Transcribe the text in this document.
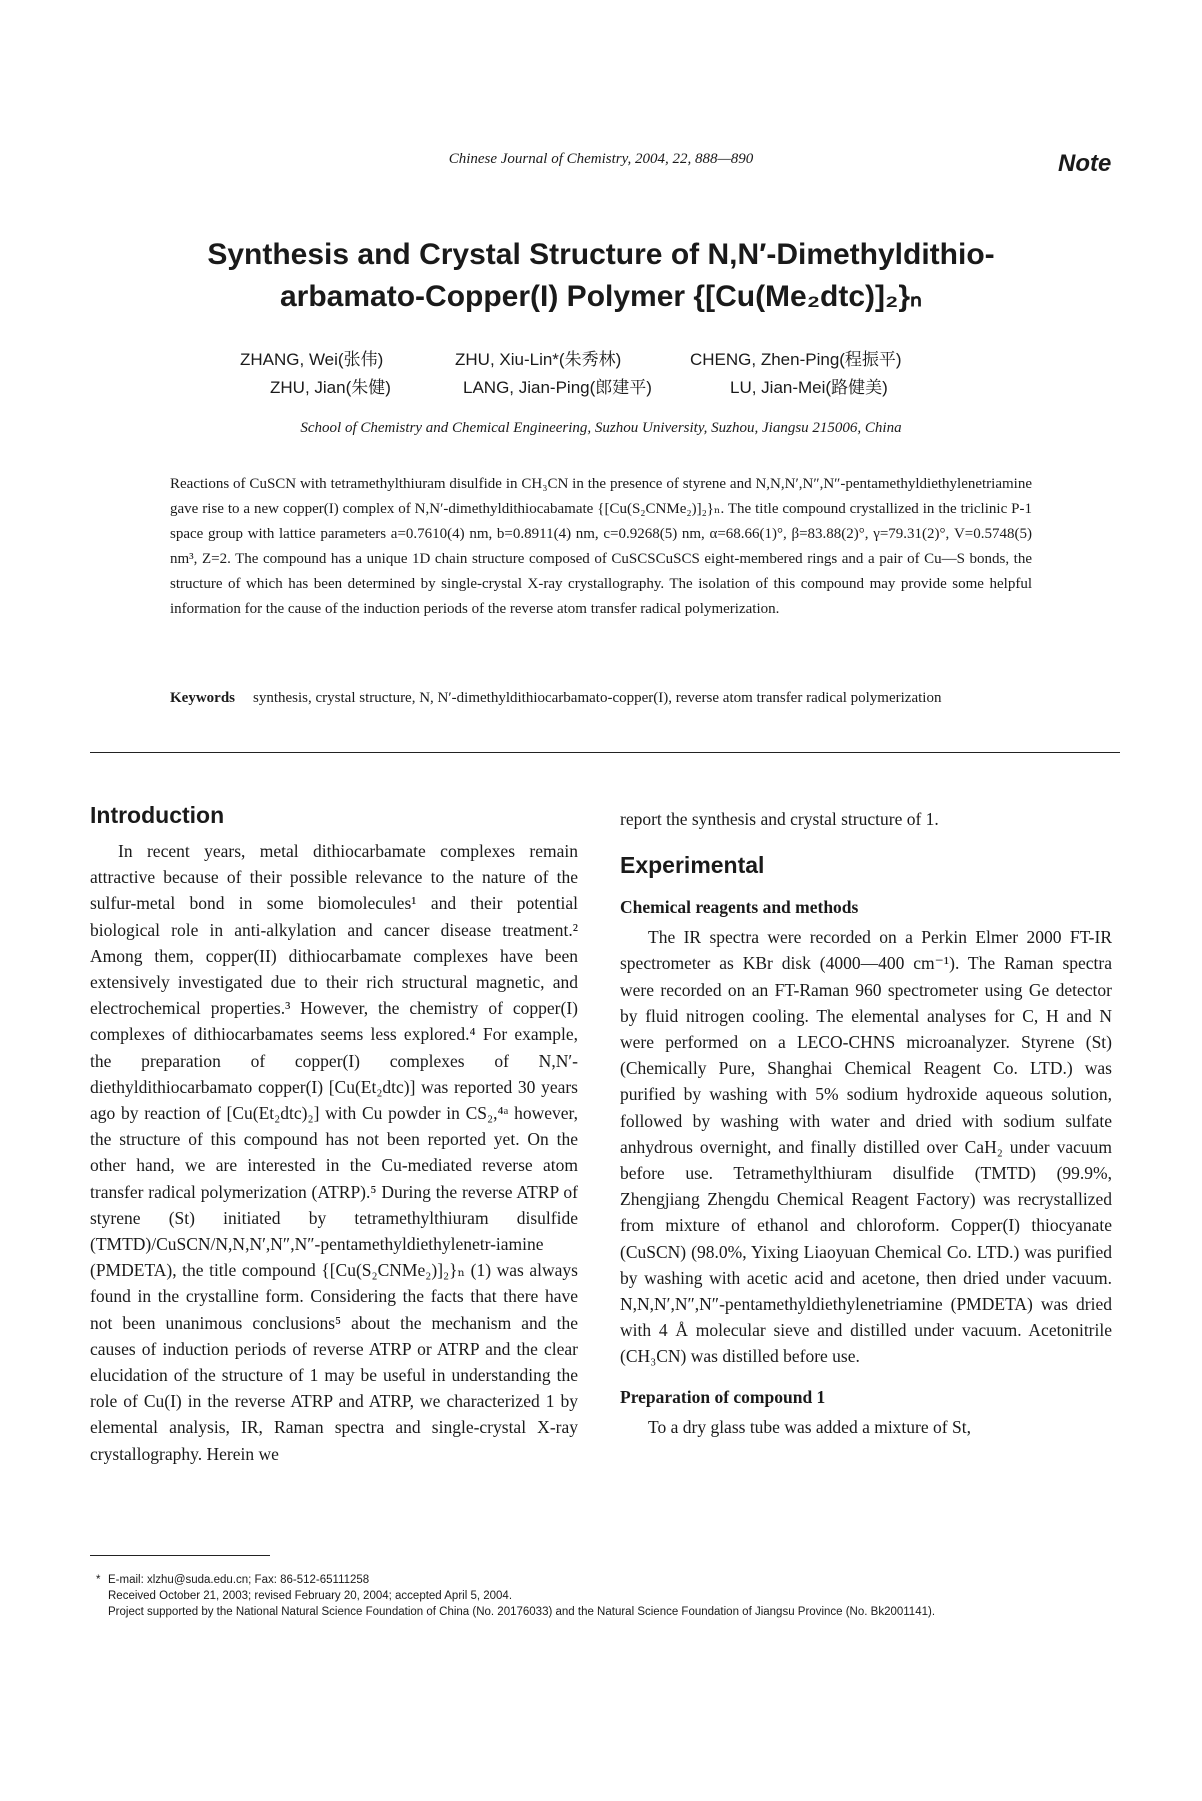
Chinese Journal of Chemistry, 2004, 22, 888—890	Note
Synthesis and Crystal Structure of N,N′-Dimethyldithio-
arbamato-Copper(I) Polymer {[Cu(Me₂dtc)]₂}ₙ
ZHANG, Wei(张伟)	ZHU, Xiu-Lin*(朱秀林)	CHENG, Zhen-Ping(程振平)
ZHU, Jian(朱健)	LANG, Jian-Ping(郎建平)	LU, Jian-Mei(路健美)
School of Chemistry and Chemical Engineering, Suzhou University, Suzhou, Jiangsu 215006, China
Reactions of CuSCN with tetramethylthiuram disulfide in CH₃CN in the presence of styrene and N,N,N′,N″,N″-pentamethyldiethylenetriamine gave rise to a new copper(I) complex of N,N′-dimethyldithiocabamate {[Cu(S₂CNMe₂)]₂}ₙ. The title compound crystallized in the triclinic P-1 space group with lattice parameters a=0.7610(4) nm, b=0.8911(4) nm, c=0.9268(5) nm, α=68.66(1)°, β=83.88(2)°, γ=79.31(2)°, V=0.5748(5) nm³, Z=2. The compound has a unique 1D chain structure composed of CuSCSCuSCS eight-membered rings and a pair of Cu—S bonds, the structure of which has been determined by single-crystal X-ray crystallography. The isolation of this compound may provide some helpful information for the cause of the induction periods of the reverse atom transfer radical polymerization.
Keywords synthesis, crystal structure, N, N′-dimethyldithiocarbamato-copper(I), reverse atom transfer radical polymerization
Introduction

In recent years, metal dithiocarbamate complexes remain attractive because of their possible relevance to the nature of the sulfur-metal bond in some biomolecules¹ and their potential biological role in anti-alkylation and cancer disease treatment.² Among them, copper(II) dithiocarbamate complexes have been extensively investigated due to their rich structural magnetic, and electrochemical properties.³ However, the chemistry of copper(I) complexes of dithiocarbamates seems less explored.⁴ For example, the preparation of copper(I) complexes of N,N′-diethyldithiocarbamato copper(I) [Cu(Et₂dtc)] was reported 30 years ago by reaction of [Cu(Et₂dtc)₂] with Cu powder in CS₂,⁴ᵃ however, the structure of this compound has not been reported yet. On the other hand, we are interested in the Cu-mediated reverse atom transfer radical polymerization (ATRP).⁵ During the reverse ATRP of styrene (St) initiated by tetramethylthiuram disulfide (TMTD)/CuSCN/N,N,N′,N″,N″-pentamethyldiethylenetr-iamine (PMDETA), the title compound {[Cu(S₂CNMe₂)]₂}ₙ (1) was always found in the crystalline form. Considering the facts that there have not been unanimous conclusions⁵ about the mechanism and the causes of induction periods of reverse ATRP or ATRP and the clear elucidation of the structure of 1 may be useful in understanding the role of Cu(I) in the reverse ATRP and ATRP, we characterized 1 by elemental analysis, IR, Raman spectra and single-crystal X-ray crystallography. Herein we

report the synthesis and crystal structure of 1.

Experimental
Chemical reagents and methods

The IR spectra were recorded on a Perkin Elmer 2000 FT-IR spectrometer as KBr disk (4000—400 cm⁻¹). The Raman spectra were recorded on an FT-Raman 960 spectrometer using Ge detector by fluid nitrogen cooling. The elemental analyses for C, H and N were performed on a LECO-CHNS microanalyzer. Styrene (St) (Chemically Pure, Shanghai Chemical Reagent Co. LTD.) was purified by washing with 5% sodium hydroxide aqueous solution, followed by washing with water and dried with sodium sulfate anhydrous overnight, and finally distilled over CaH₂ under vacuum before use. Tetramethylthiuram disulfide (TMTD) (99.9%, Zhengjiang Zhengdu Chemical Reagent Factory) was recrystallized from mixture of ethanol and chloroform. Copper(I) thiocyanate (CuSCN) (98.0%, Yixing Liaoyuan Chemical Co. LTD.) was purified by washing with acetic acid and acetone, then dried under vacuum. N,N,N′,N″,N″-pentamethyldiethylenetriamine (PMDETA) was dried with 4 Å molecular sieve and distilled under vacuum. Acetonitrile (CH₃CN) was distilled before use.

Preparation of compound 1

To a dry glass tube was added a mixture of St,

* E-mail: xlzhu@suda.edu.cn; Fax: 86-512-65111258
Received October 21, 2003; revised February 20, 2004; accepted April 5, 2004.
Project supported by the National Natural Science Foundation of China (No. 20176033) and the Natural Science Foundation of Jiangsu Province (No. Bk2001141).
